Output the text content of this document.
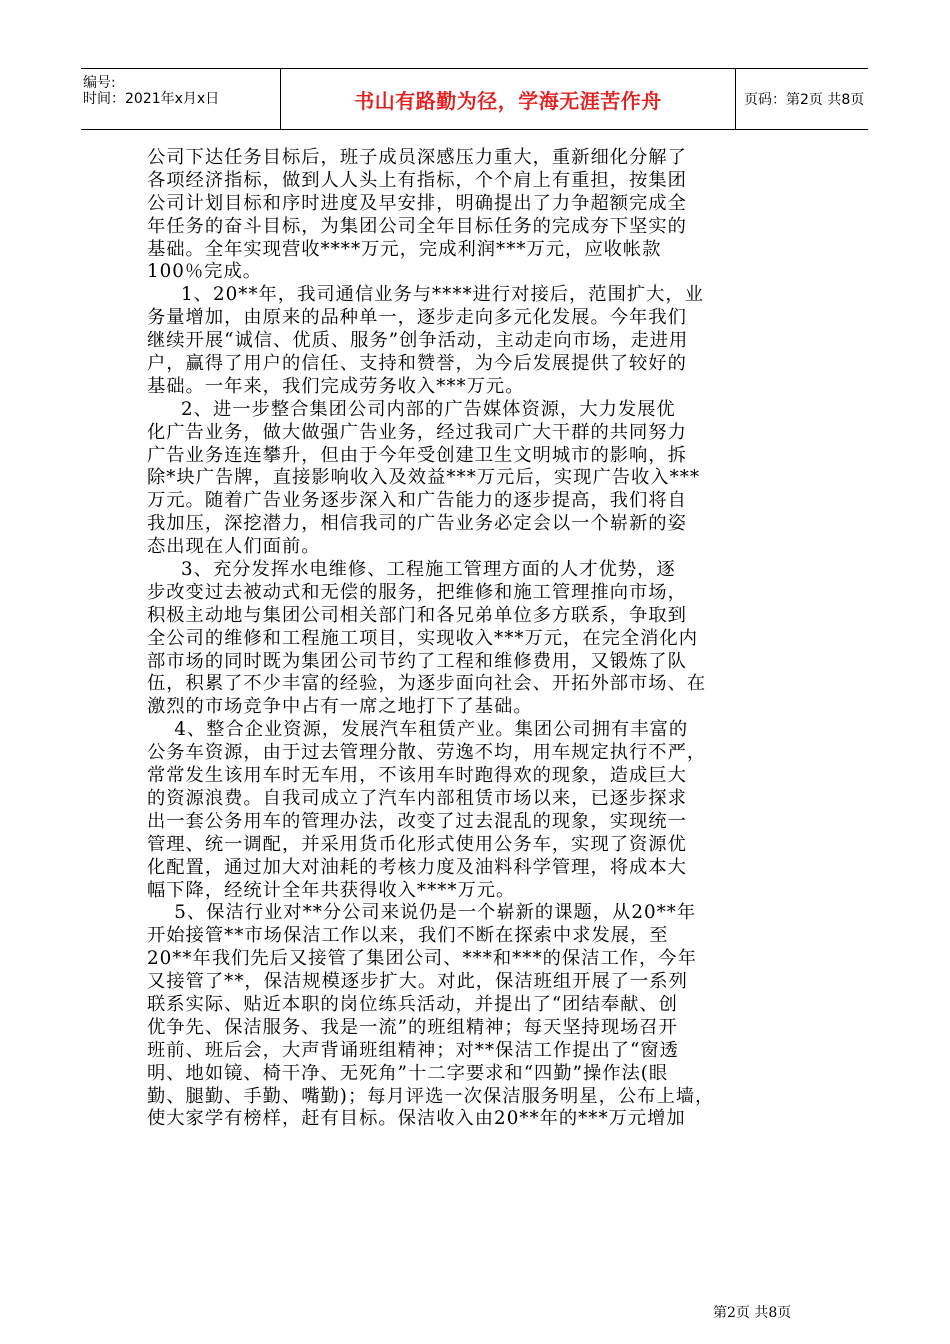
编号:
时间：2021年x月x日	书山有路勤为径，学海无涯苦作舟	页码：第2页 共8页
公司下达任务目标后，班子成员深感压力重大，重新细化分解了
各项经济指标，做到人人头上有指标，个个肩上有重担，按集团
公司计划目标和序时进度及早安排，明确提出了力争超额完成全
年任务的奋斗目标，为集团公司全年目标任务的完成夯下坚实的
基础。全年实现营收****万元，完成利润***万元，应收帐款
100％完成。
1、20**年，我司通信业务与****进行对接后，范围扩大，业
务量增加，由原来的品种单一，逐步走向多元化发展。今年我们
继续开展“诚信、优质、服务”创争活动，主动走向市场，走进用
户，赢得了用户的信任、支持和赞誉，为今后发展提供了较好的
基础。一年来，我们完成劳务收入***万元。
2、进一步整合集团公司内部的广告媒体资源，大力发展优
化广告业务，做大做强广告业务，经过我司广大干群的共同努力
广告业务连连攀升，但由于今年受创建卫生文明城市的影响，拆
除*块广告牌，直接影响收入及效益***万元后，实现广告收入***
万元。随着广告业务逐步深入和广告能力的逐步提高，我们将自
我加压，深挖潜力，相信我司的广告业务必定会以一个崭新的姿
态出现在人们面前。
3、充分发挥水电维修、工程施工管理方面的人才优势，逐
步改变过去被动式和无偿的服务，把维修和施工管理推向市场，
积极主动地与集团公司相关部门和各兄弟单位多方联系，争取到
全公司的维修和工程施工项目，实现收入***万元，在完全消化内
部市场的同时既为集团公司节约了工程和维修费用，又锻炼了队
伍，积累了不少丰富的经验，为逐步面向社会、开拓外部市场、在
激烈的市场竞争中占有一席之地打下了基础。
4、整合企业资源，发展汽车租赁产业。集团公司拥有丰富的
公务车资源，由于过去管理分散、劳逸不均，用车规定执行不严，
常常发生该用车时无车用，不该用车时跑得欢的现象，造成巨大
的资源浪费。自我司成立了汽车内部租赁市场以来，已逐步探求
出一套公务用车的管理办法，改变了过去混乱的现象，实现统一
管理、统一调配，并采用货币化形式使用公务车，实现了资源优
化配置，通过加大对油耗的考核力度及油料科学管理，将成本大
幅下降，经统计全年共获得收入****万元。
5、保洁行业对**分公司来说仍是一个崭新的课题，从20**年
开始接管**市场保洁工作以来，我们不断在探索中求发展，至
20**年我们先后又接管了集团公司、***和***的保洁工作，今年
又接管了**，保洁规模逐步扩大。对此，保洁班组开展了一系列
联系实际、贴近本职的岗位练兵活动，并提出了“团结奉献、创
优争先、保洁服务、我是一流”的班组精神；每天坚持现场召开
班前、班后会，大声背诵班组精神；对**保洁工作提出了“窗透
明、地如镜、椅干净、无死角”十二字要求和“四勤”操作法(眼
勤、腿勤、手勤、嘴勤)；每月评选一次保洁服务明星，公布上墙，
使大家学有榜样，赶有目标。保洁收入由20**年的***万元增加
第2页 共8页
